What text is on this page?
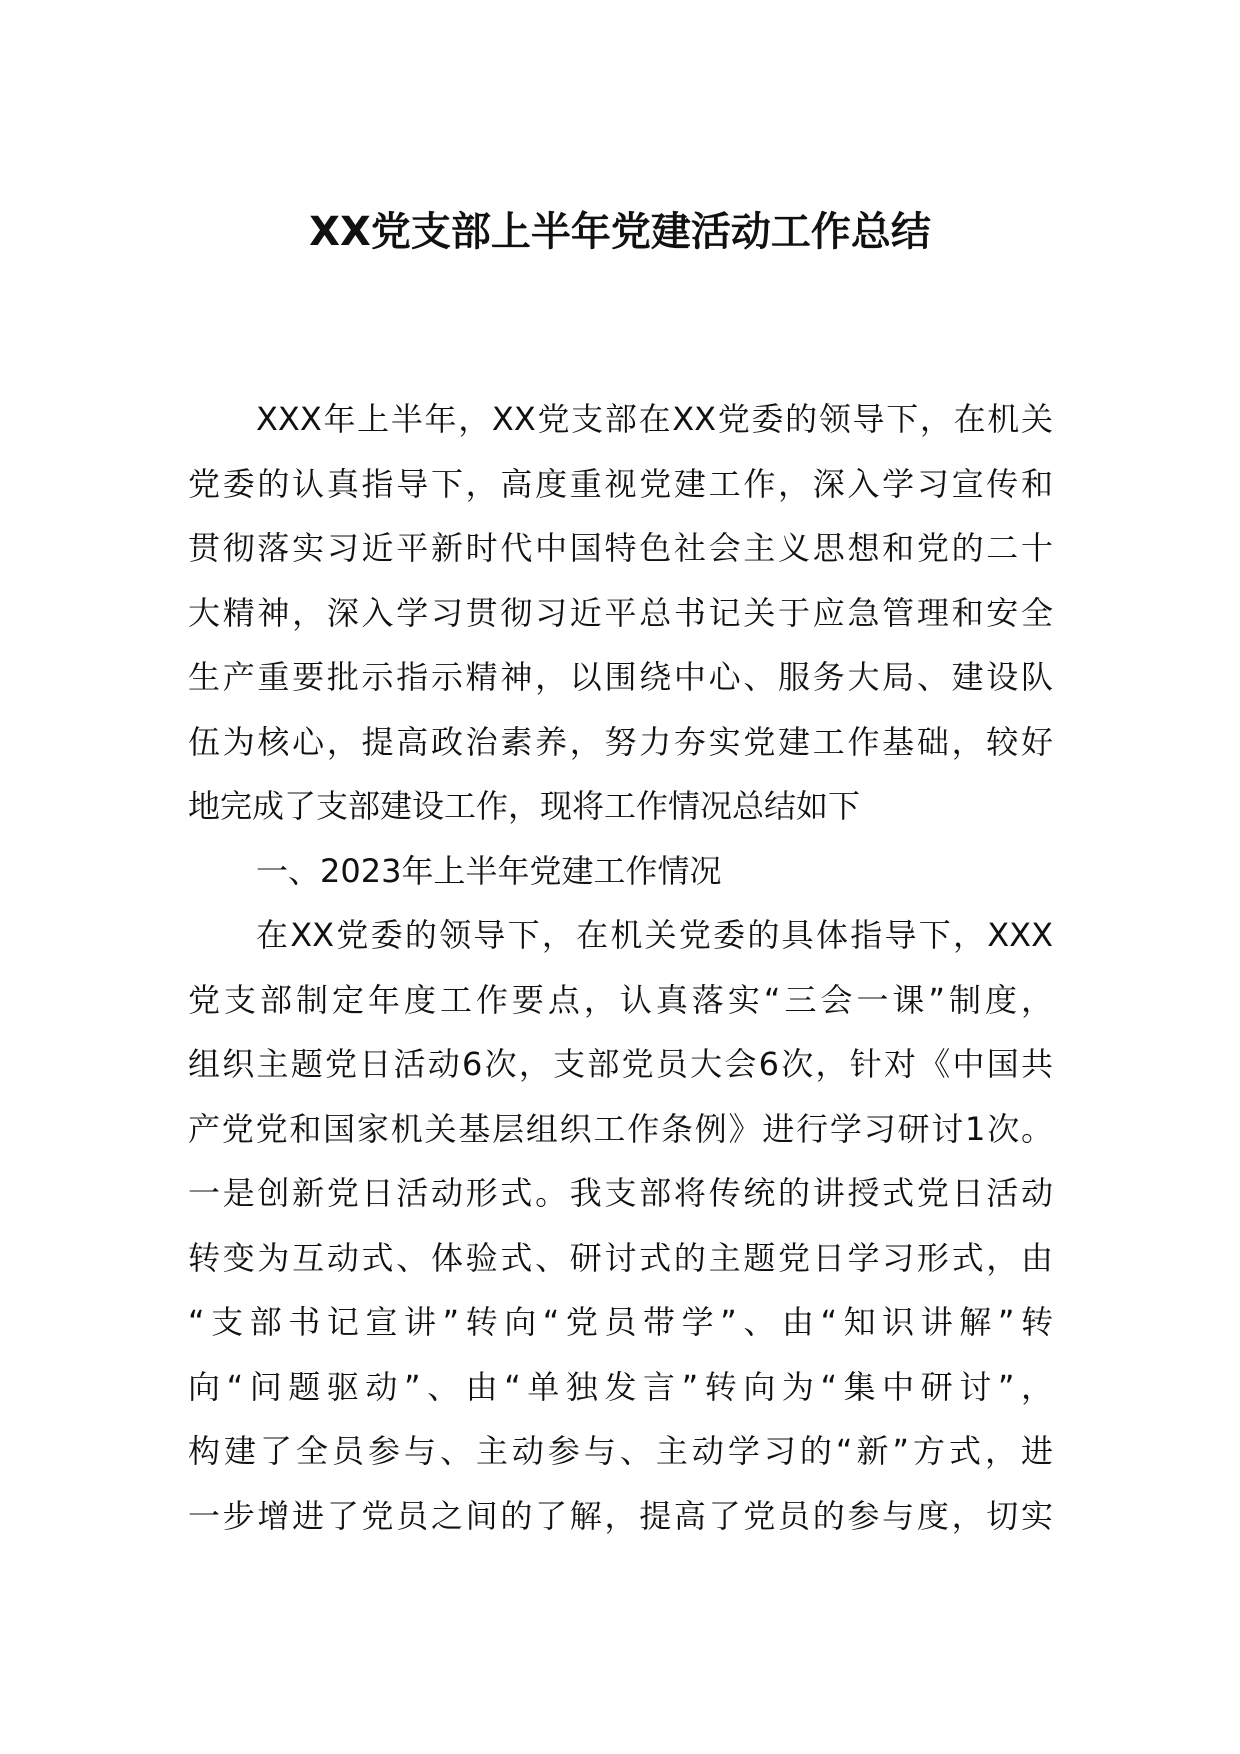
XX党支部上半年党建活动工作总结
XXX年上半年，XX党支部在XX党委的领导下，在机关
党委的认真指导下，高度重视党建工作，深入学习宣传和
贯彻落实习近平新时代中国特色社会主义思想和党的二十
大精神，深入学习贯彻习近平总书记关于应急管理和安全
生产重要批示指示精神，以围绕中心、服务大局、建设队
伍为核心，提高政治素养，努力夯实党建工作基础，较好
地完成了支部建设工作，现将工作情况总结如下
一、2023年上半年党建工作情况
在XX党委的领导下，在机关党委的具体指导下，XXX
党支部制定年度工作要点，认真落实“三会一课”制度，
组织主题党日活动6次，支部党员大会6次，针对《中国共
产党党和国家机关基层组织工作条例》进行学习研讨1次。
一是创新党日活动形式。我支部将传统的讲授式党日活动
转变为互动式、体验式、研讨式的主题党日学习形式，由
“支部书记宣讲”转向“党员带学”、由“知识讲解”转
向“问题驱动”、由“单独发言”转向为“集中研讨”，
构建了全员参与、主动参与、主动学习的“新”方式，进
一步增进了党员之间的了解，提高了党员的参与度，切实
